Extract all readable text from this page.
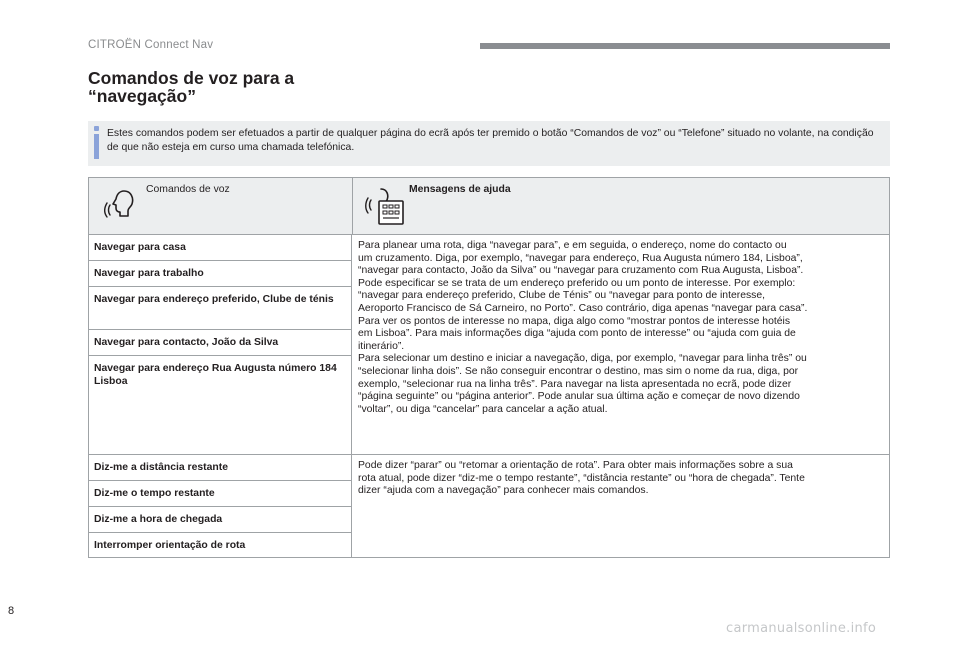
CITROËN Connect Nav
Comandos de voz para a
“navegação”
Estes comandos podem ser efetuados a partir de qualquer página do ecrã após ter premido o botão “Comandos de voz” ou “Telefone” situado no volante, na condição de que não esteja em curso uma chamada telefónica.
Comandos de voz	Mensagens de ajuda
Navegar para casa
Navegar para trabalho
Navegar para endereço preferido, Clube de ténis
Navegar para contacto, João da Silva
Navegar para endereço Rua Augusta número 184 Lisboa
Para planear uma rota, diga “navegar para”, e em seguida, o endereço, nome do contacto ou
um cruzamento. Diga, por exemplo, “navegar para endereço, Rua Augusta número 184, Lisboa”,
“navegar para contacto, João da Silva” ou “navegar para cruzamento com Rua Augusta, Lisboa”.
Pode especificar se se trata de um endereço preferido ou um ponto de interesse. Por exemplo:
“navegar para endereço preferido, Clube de Ténis” ou “navegar para ponto de interesse,
Aeroporto Francisco de Sá Carneiro, no Porto”. Caso contrário, diga apenas “navegar para casa”.
Para ver os pontos de interesse no mapa, diga algo como “mostrar pontos de interesse hotéis
em Lisboa”. Para mais informações diga “ajuda com ponto de interesse” ou “ajuda com guia de
itinerário”.
Para selecionar um destino e iniciar a navegação, diga, por exemplo, “navegar para linha três” ou
“selecionar linha dois”. Se não conseguir encontrar o destino, mas sim o nome da rua, diga, por
exemplo, “selecionar rua na linha três”. Para navegar na lista apresentada no ecrã, pode dizer
“página seguinte” ou “página anterior”. Pode anular sua última ação e começar de novo dizendo
“voltar”, ou diga “cancelar” para cancelar a ação atual.
Diz-me a distância restante
Diz-me o tempo restante
Diz-me a hora de chegada
Interromper orientação de rota
Pode dizer “parar” ou “retomar a orientação de rota”. Para obter mais informações sobre a sua
rota atual, pode dizer “diz-me o tempo restante”, “distância restante” ou “hora de chegada”. Tente
dizer “ajuda com a navegação” para conhecer mais comandos.
8
carmanualsonline.info
